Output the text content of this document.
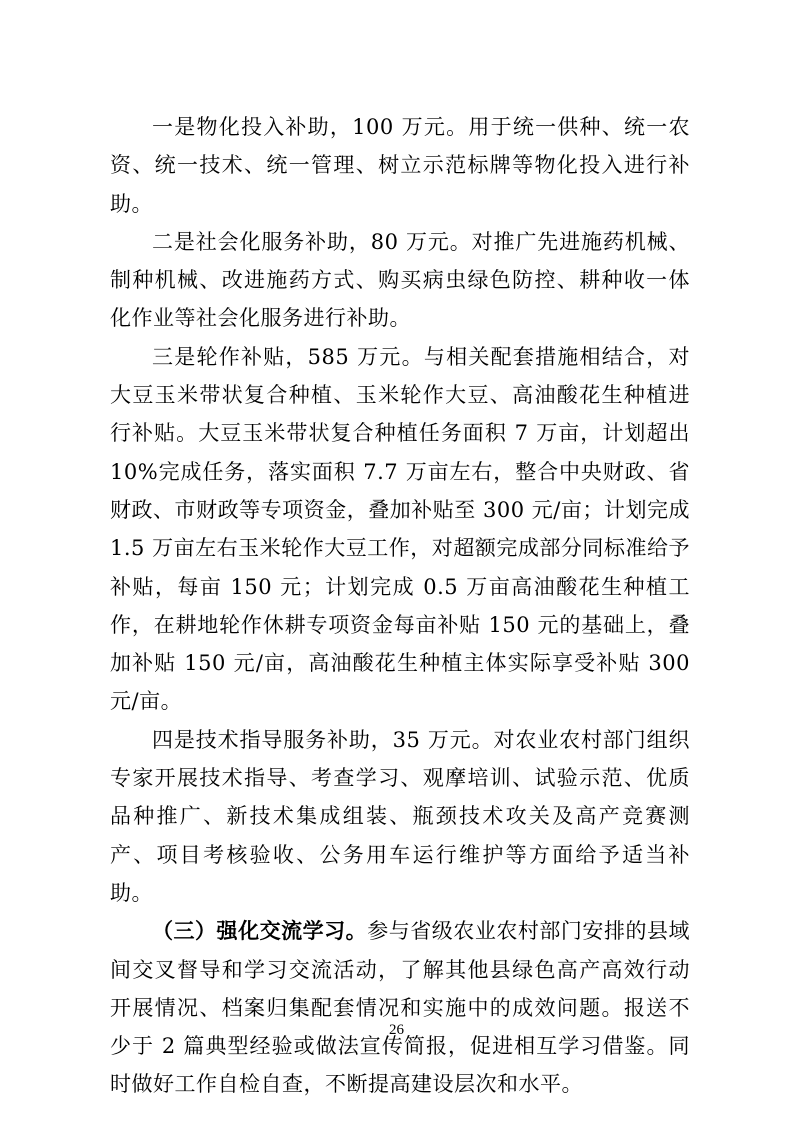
一是物化投入补助，100 万元。用于统一供种、统一农资、统一技术、统一管理、树立示范标牌等物化投入进行补助。

二是社会化服务补助，80 万元。对推广先进施药机械、制种机械、改进施药方式、购买病虫绿色防控、耕种收一体化作业等社会化服务进行补助。

三是轮作补贴，585 万元。与相关配套措施相结合，对大豆玉米带状复合种植、玉米轮作大豆、高油酸花生种植进行补贴。大豆玉米带状复合种植任务面积 7 万亩，计划超出 10%完成任务，落实面积 7.7 万亩左右，整合中央财政、省财政、市财政等专项资金，叠加补贴至 300 元/亩；计划完成 1.5 万亩左右玉米轮作大豆工作，对超额完成部分同标准给予补贴，每亩 150 元；计划完成 0.5 万亩高油酸花生种植工作，在耕地轮作休耕专项资金每亩补贴 150 元的基础上，叠加补贴 150 元/亩，高油酸花生种植主体实际享受补贴 300 元/亩。

四是技术指导服务补助，35 万元。对农业农村部门组织专家开展技术指导、考查学习、观摩培训、试验示范、优质品种推广、新技术集成组装、瓶颈技术攻关及高产竞赛测产、项目考核验收、公务用车运行维护等方面给予适当补助。

（三）强化交流学习。参与省级农业农村部门安排的县域间交叉督导和学习交流活动，了解其他县绿色高产高效行动开展情况、档案归集配套情况和实施中的成效问题。报送不少于 2 篇典型经验或做法宣传简报，促进相互学习借鉴。同时做好工作自检自查，不断提高建设层次和水平。

26
